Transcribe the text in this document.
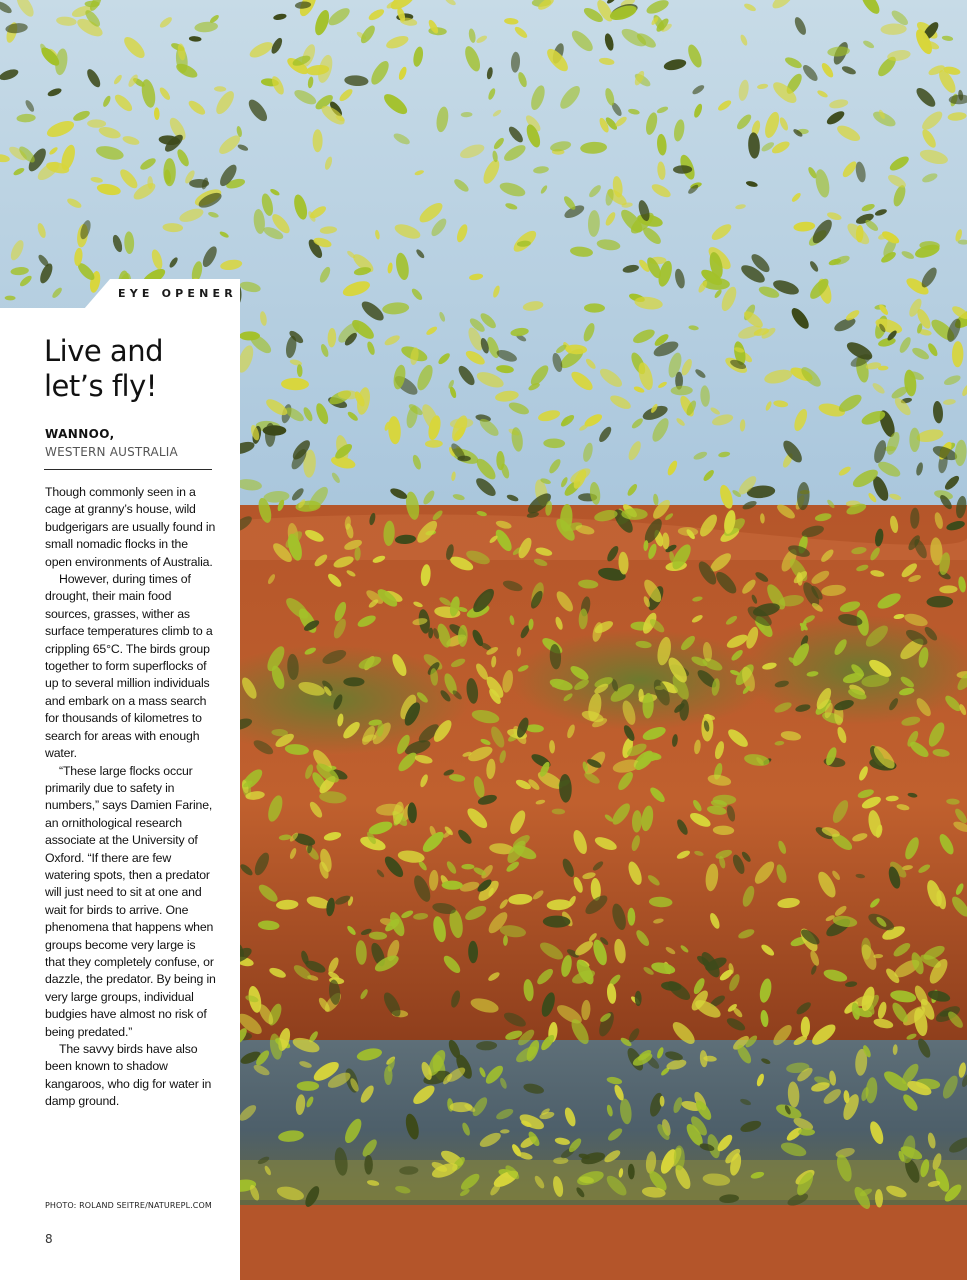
EYE OPENER
Live and
let’s fly!
WANNOO,
WESTERN AUSTRALIA

Though commonly seen in a cage at granny’s house, wild budgerigars are usually found in small nomadic flocks in the open environments of Australia.

However, during times of drought, their main food sources, grasses, wither as surface temperatures climb to a crippling 65°C. The birds group together to form superflocks of up to several million individuals and embark on a mass search for thousands of kilometres to search for areas with enough water.

“These large flocks occur primarily due to safety in numbers,” says Damien Farine, an ornithological research associate at the University of Oxford. “If there are few watering spots, then a predator will just need to sit at one and wait for birds to arrive. One phenomena that happens when groups become very large is that they completely confuse, or dazzle, the predator. By being in very large groups, individual budgies have almost no risk of being predated.”

The savvy birds have also been known to shadow kangaroos, who dig for water in damp ground.

PHOTO: ROLAND SEITRE/NATUREPL.COM
8
